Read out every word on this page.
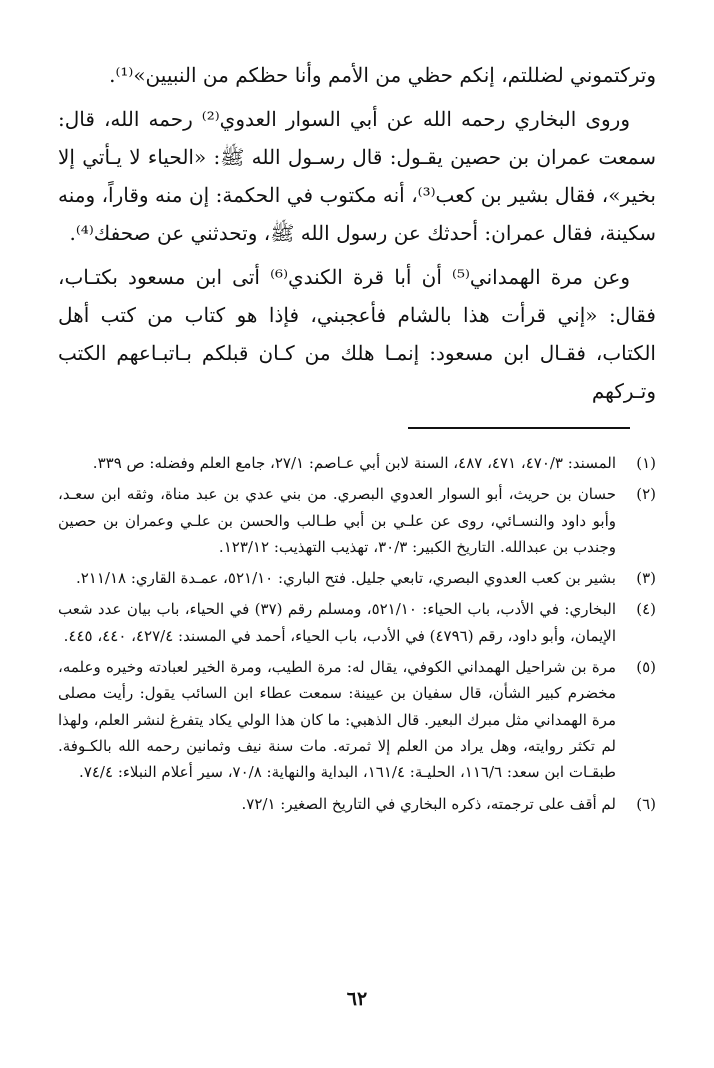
وتركتموني لضللتم، إنكم حظي من الأمم وأنا حظكم من النبيين»⁽¹⁾.

وروى البخاري رحمه الله عن أبي السوار العدوي⁽²⁾ رحمه الله، قال: سمعت عمران بن حصين يقـول: قال رسـول الله ﷺ: «الحياء لا يـأتي إلا بخير»، فقال بشير بن كعب⁽³⁾، أنه مكتوب في الحكمة: إن منه وقاراً، ومنه سكينة، فقال عمران: أحدثك عن رسول الله ﷺ، وتحدثني عن صحفك⁽⁴⁾.

وعن مرة الهمداني⁽⁵⁾ أن أبا قرة الكندي⁽⁶⁾ أتى ابن مسعود بكتـاب، فقال: «إني قرأت هذا بالشام فأعجبني، فإذا هو كتاب من كتب أهل الكتاب، فقـال ابن مسعود: إنمـا هلك من كـان قبلكم بـاتبـاعهم الكتب وتـركهم

(١)
المسند: ٤٧٠/٣، ٤٧١، ٤٨٧، السنة لابن أبي عـاصم: ٢٧/١، جامع العلم وفضله: ص ٣٣٩.
(٢)
حسان بن حريث، أبو السوار العدوي البصري. من بني عدي بن عبد مناة، وثقه ابن سعـد، وأبو داود والنسـائي، روى عن علـي بن أبي طـالب والحسن بن علـي وعمران بن حصين وجندب بن عبدالله. التاريخ الكبير: ٣٠/٣، تهذيب التهذيب: ١٢٣/١٢.
(٣)
بشير بن كعب العدوي البصري، تابعي جليل. فتح الباري: ٥٢١/١٠، عمـدة القاري: ٢١١/١٨.
(٤)
البخاري: في الأدب، باب الحياء: ٥٢١/١٠، ومسلم رقم (٣٧) في الحياء، باب بيان عدد شعب الإيمان، وأبو داود، رقم (٤٧٩٦) في الأدب، باب الحياء، أحمد في المسند: ٤٢٧/٤، ٤٤٠، ٤٤٥.
(٥)
مرة بن شراحيل الهمداني الكوفي، يقال له: مرة الطيب، ومرة الخير لعبادته وخيره وعلمه، مخضرم كبير الشأن، قال سفيان بن عيينة: سمعت عطاء ابن السائب يقول: رأيت مصلى مرة الهمداني مثل مبرك البعير. قال الذهبي: ما كان هذا الولي يكاد يتفرغ لنشر العلم، ولهذا لم تكثر روايته، وهل يراد من العلم إلا ثمرته. مات سنة نيف وثمانين رحمه الله بالكـوفة. طبقـات ابن سعد: ١١٦/٦، الحليـة: ١٦١/٤، البداية والنهاية: ٧٠/٨، سير أعلام النبلاء: ٧٤/٤.
(٦)
لم أقف على ترجمته، ذكره البخاري في التاريخ الصغير: ٧٢/١.
٦٢
